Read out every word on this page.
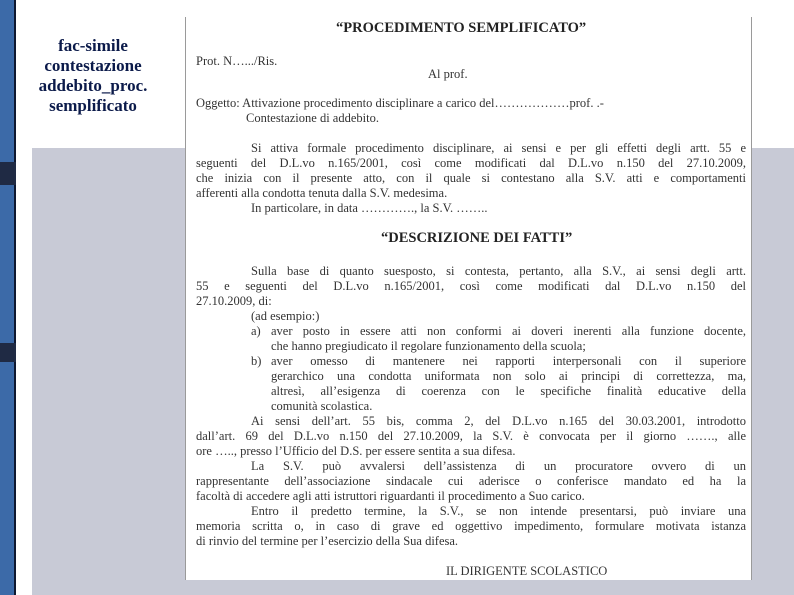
fac-simile
contestazione
addebito_proc.
semplificato
“PROCEDIMENTO SEMPLIFICATO”
Prot. N….../Ris.
Al prof.
Oggetto: Attivazione procedimento disciplinare a carico del………………prof. .-
Contestazione di addebito.
Si attiva formale procedimento disciplinare, ai sensi e per gli effetti degli artt. 55 e
seguenti del D.L.vo n.165/2001, così come modificati dal D.L.vo n.150 del 27.10.2009,
che inizia con il presente atto, con il quale si contestano alla S.V. atti e comportamenti
afferenti alla condotta tenuta dalla S.V. medesima.
In particolare, in data …………., la S.V. ……..
“DESCRIZIONE DEI FATTI”
Sulla base di quanto suesposto, si contesta, pertanto, alla S.V., ai sensi degli artt.
55 e seguenti del D.L.vo n.165/2001, così come modificati dal D.L.vo n.150 del
27.10.2009, di:
(ad esempio:)
a) aver posto in essere atti non conformi ai doveri inerenti alla funzione docente,
che hanno pregiudicato il regolare funzionamento della scuola;
b) aver omesso di mantenere nei rapporti interpersonali con il superiore
gerarchico una condotta uniformata non solo ai principi di correttezza, ma,
altresì, all’esigenza di coerenza con le specifiche finalità educative della
comunità scolastica.
Ai sensi dell’art. 55 bis, comma 2, del D.L.vo n.165 del 30.03.2001, introdotto
dall’art. 69 del D.L.vo n.150 del 27.10.2009, la S.V. è convocata per il giorno ……., alle
ore ….., presso l’Ufficio del D.S. per essere sentita a sua difesa.
La S.V. può avvalersi dell’assistenza di un procuratore ovvero di un
rappresentante dell’associazione sindacale cui aderisce o conferisce mandato ed ha la
facoltà di accedere agli atti istruttori riguardanti il procedimento a Suo carico.
Entro il predetto termine, la S.V., se non intende presentarsi, può inviare una
memoria scritta o, in caso di grave ed oggettivo impedimento, formulare motivata istanza
di rinvio del termine per l’esercizio della Sua difesa.
IL DIRIGENTE SCOLASTICO
